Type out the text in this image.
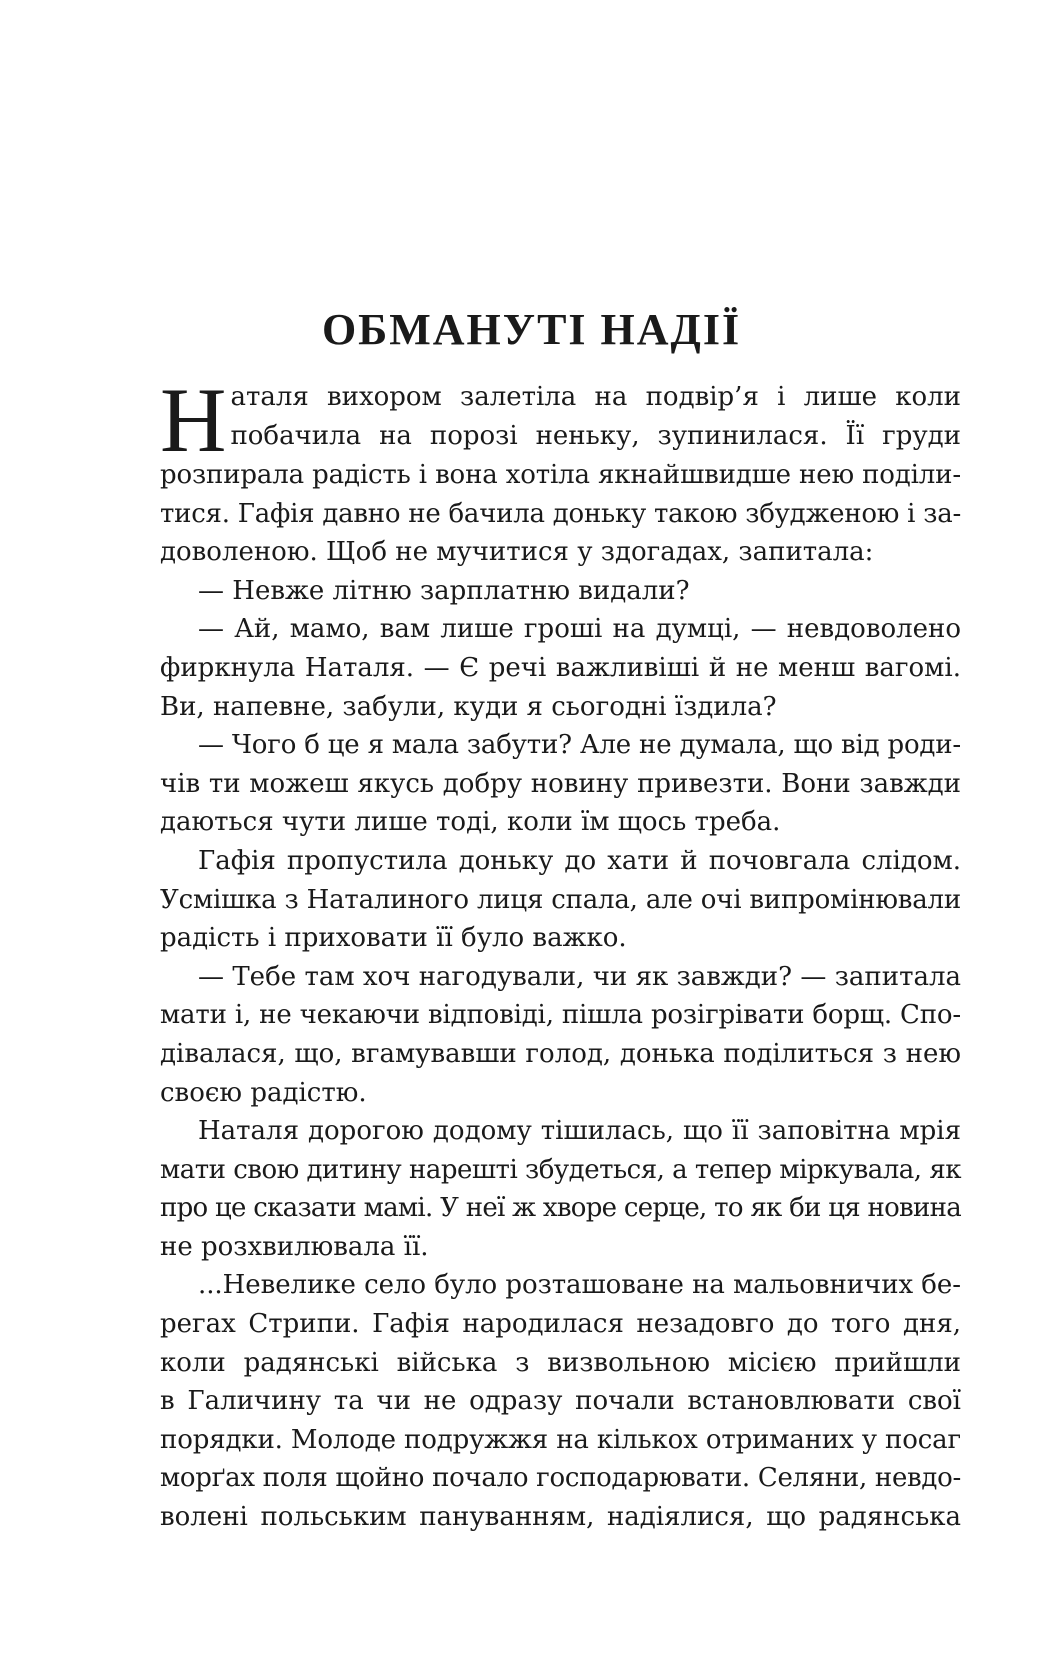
ОБМАНУТІ НАДІЇ
Н аталя вихором залетіла на подвір’я і лише коли
побачила на порозі неньку, зупинилася. Її груди
розпирала радість і вона хотіла якнайшвидше нею поділи-
тися. Гафія давно не бачила доньку такою збудженою і за-
доволеною. Щоб не мучитися у здогадах, запитала:
— Невже літню зарплатню видали?
— Ай, мамо, вам лише гроші на думці, — невдоволено
фиркнула Наталя. — Є речі важливіші й не менш вагомі.
Ви, напевне, забули, куди я сьогодні їздила?
— Чого б це я мала забути? Але не думала, що від роди-
чів ти можеш якусь добру новину привезти. Вони завжди
даються чути лише тоді, коли їм щось треба.
Гафія пропустила доньку до хати й почовгала слідом.
Усмішка з Наталиного лиця спала, але очі випромінювали
радість і приховати її було важко.
— Тебе там хоч нагодували, чи як завжди? — запитала
мати і, не чекаючи відповіді, пішла розігрівати борщ. Спо-
дівалася, що, вгамувавши голод, донька поділиться з нею
своєю радістю.
Наталя дорогою додому тішилась, що її заповітна мрія
мати свою дитину нарешті збудеться, а тепер міркувала, як
про це сказати мамі. У неї ж хворе серце, то як би ця новина
не розхвилювала її.
...Невелике село було розташоване на мальовничих бе-
регах Стрипи. Гафія народилася незадовго до того дня,
коли радянські війська з визвольною місією прийшли
в Галичину та чи не одразу почали встановлювати свої
порядки. Молоде подружжя на кількох отриманих у посаг
морґах поля щойно почало господарювати. Селяни, невдо-
волені польським пануванням, надіялися, що радянська
